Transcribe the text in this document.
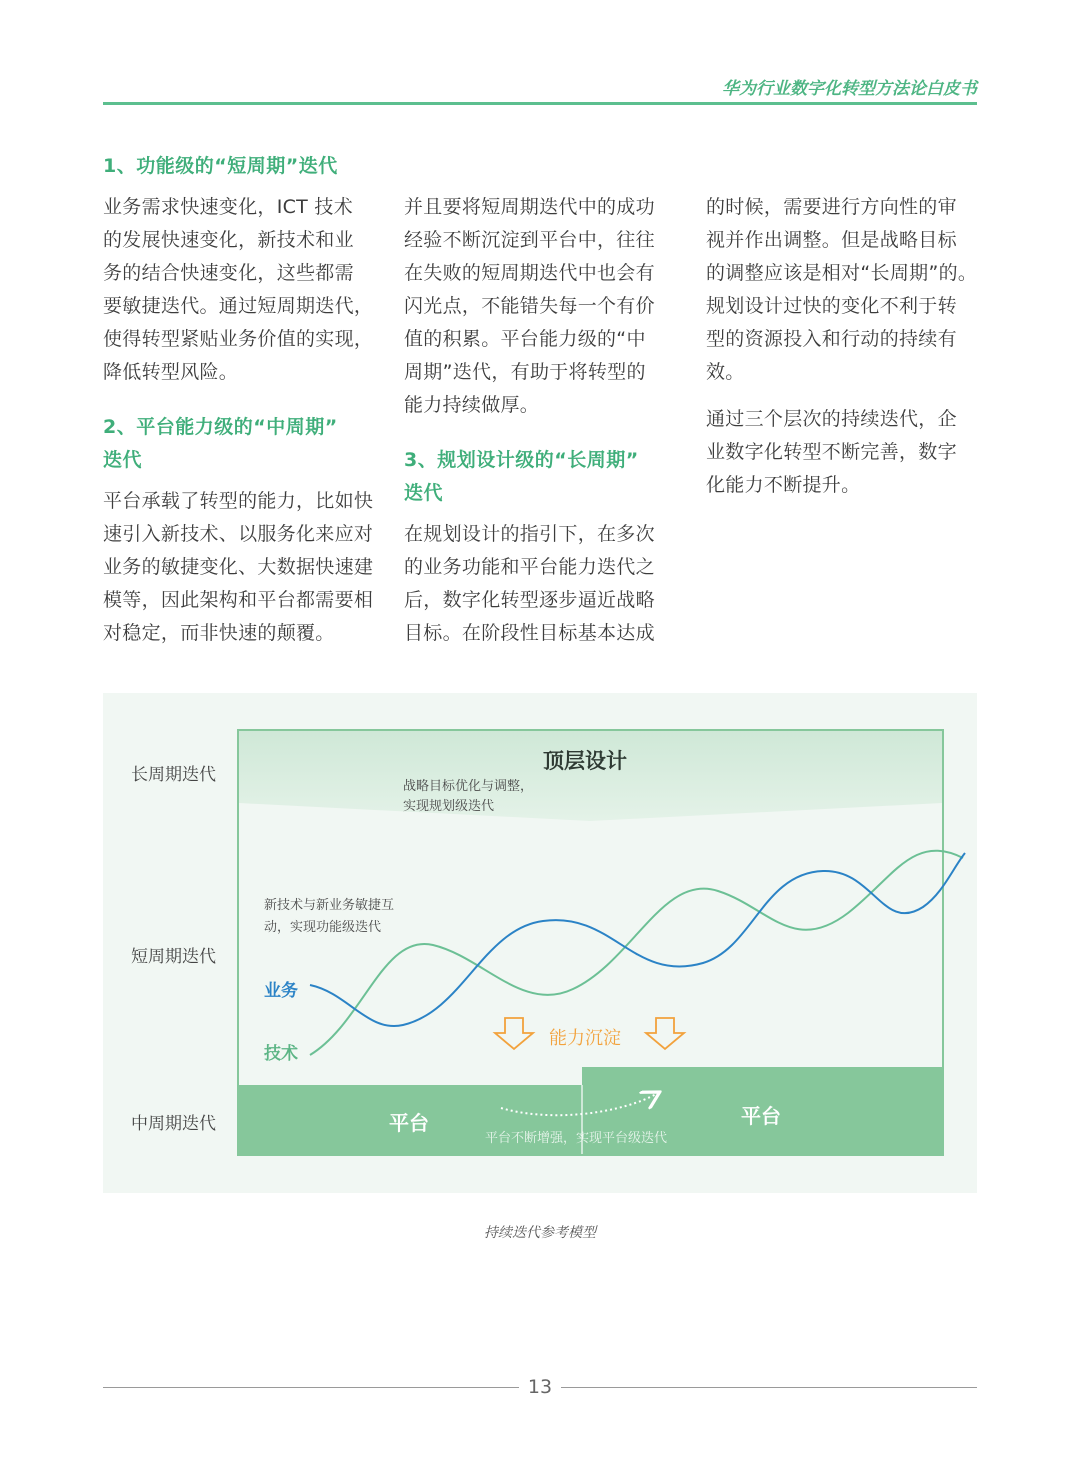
华为行业数字化转型方法论白皮书

1、功能级的“短周期”迭代

业务需求快速变化，ICT 技术
的发展快速变化，新技术和业
务的结合快速变化，这些都需
要敏捷迭代。通过短周期迭代，
使得转型紧贴业务价值的实现，
降低转型风险。

2、平台能力级的“中周期”
迭代

平台承载了转型的能力，比如快
速引入新技术、以服务化来应对
业务的敏捷变化、大数据快速建
模等，因此架构和平台都需要相
对稳定，而非快速的颠覆。

并且要将短周期迭代中的成功
经验不断沉淀到平台中，往往
在失败的短周期迭代中也会有
闪光点，不能错失每一个有价
值的积累。平台能力级的“中
周期”迭代，有助于将转型的
能力持续做厚。

3、规划设计级的“长周期”
迭代

在规划设计的指引下，在多次
的业务功能和平台能力迭代之
后，数字化转型逐步逼近战略
目标。在阶段性目标基本达成

的时候，需要进行方向性的审
视并作出调整。但是战略目标
的调整应该是相对“长周期”的。
规划设计过快的变化不利于转
型的资源投入和行动的持续有
效。

通过三个层次的持续迭代，企
业数字化转型不断完善，数字
化能力不断提升。

长周期迭代
短周期迭代
中周期迭代
顶层设计
战略目标优化与调整，
实现规划级迭代
新技术与新业务敏捷互
动，实现功能级迭代
业务
技术
能力沉淀
平台	平台
平台不断增强，实现平台级迭代
持续迭代参考模型
13
